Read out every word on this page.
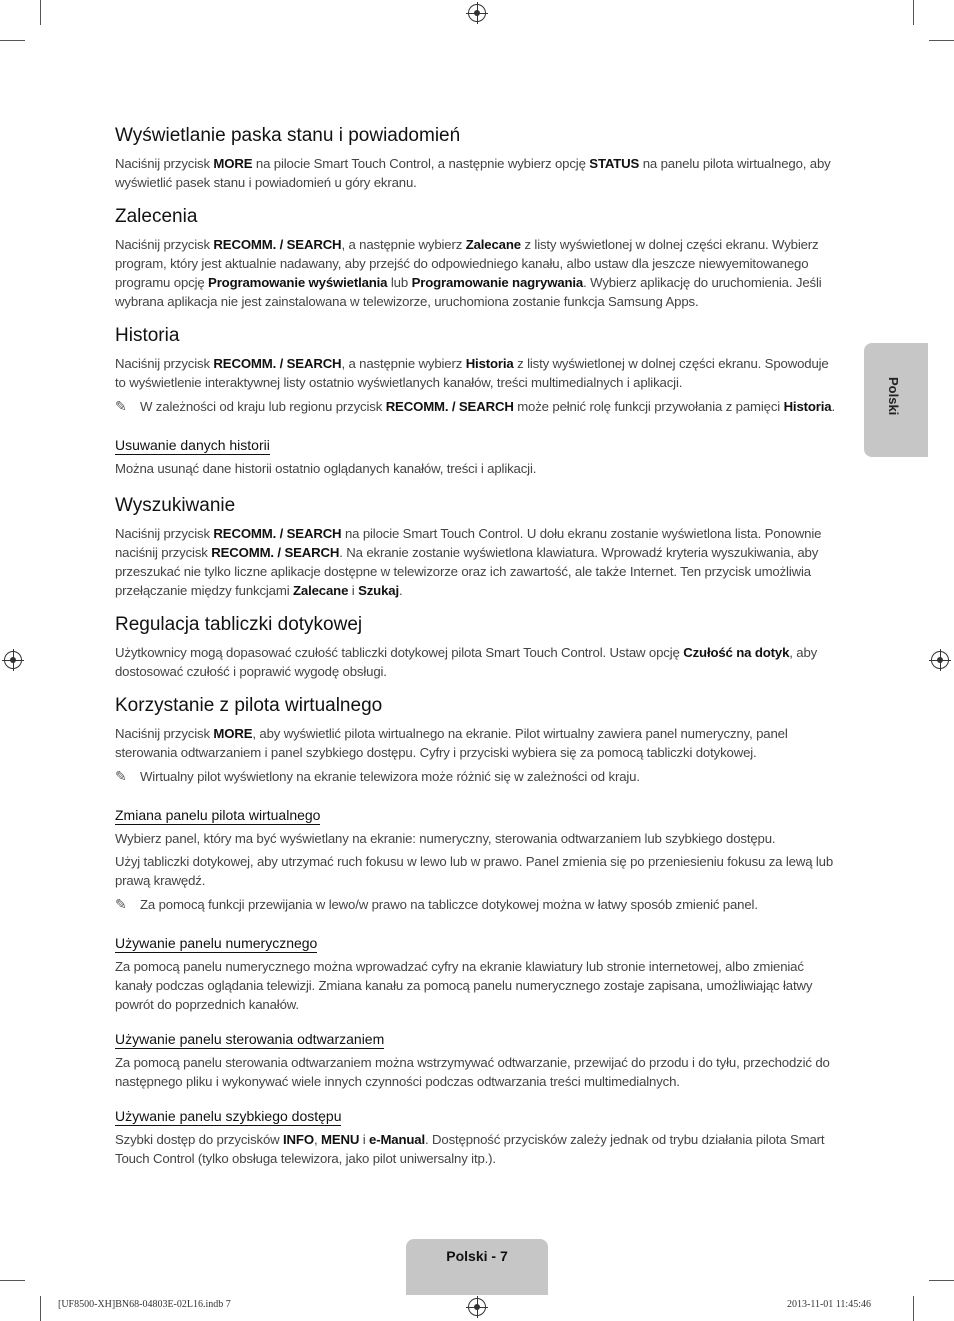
Polski
Wyświetlanie paska stanu i powiadomień

Naciśnij przycisk MORE na pilocie Smart Touch Control, a następnie wybierz opcję STATUS na panelu pilota wirtualnego, aby wyświetlić pasek stanu i powiadomień u góry ekranu.

Zalecenia

Naciśnij przycisk RECOMM. / SEARCH, a następnie wybierz Zalecane z listy wyświetlonej w dolnej części ekranu. Wybierz program, który jest aktualnie nadawany, aby przejść do odpowiedniego kanału, albo ustaw dla jeszcze niewyemitowanego programu opcję Programowanie wyświetlania lub Programowanie nagrywania. Wybierz aplikację do uruchomienia. Jeśli wybrana aplikacja nie jest zainstalowana w telewizorze, uruchomiona zostanie funkcja Samsung Apps.

Historia

Naciśnij przycisk RECOMM. / SEARCH, a następnie wybierz Historia z listy wyświetlonej w dolnej części ekranu. Spowoduje to wyświetlenie interaktywnej listy ostatnio wyświetlanych kanałów, treści multimedialnych i aplikacji.

✎ W zależności od kraju lub regionu przycisk RECOMM. / SEARCH może pełnić rolę funkcji przywołania z pamięci Historia.

Usuwanie danych historii

Można usunąć dane historii ostatnio oglądanych kanałów, treści i aplikacji.

Wyszukiwanie

Naciśnij przycisk RECOMM. / SEARCH na pilocie Smart Touch Control. U dołu ekranu zostanie wyświetlona lista. Ponownie naciśnij przycisk RECOMM. / SEARCH. Na ekranie zostanie wyświetlona klawiatura. Wprowadź kryteria wyszukiwania, aby przeszukać nie tylko liczne aplikacje dostępne w telewizorze oraz ich zawartość, ale także Internet. Ten przycisk umożliwia przełączanie między funkcjami Zalecane i Szukaj.

Regulacja tabliczki dotykowej

Użytkownicy mogą dopasować czułość tabliczki dotykowej pilota Smart Touch Control. Ustaw opcję Czułość na dotyk, aby dostosować czułość i poprawić wygodę obsługi.

Korzystanie z pilota wirtualnego

Naciśnij przycisk MORE, aby wyświetlić pilota wirtualnego na ekranie. Pilot wirtualny zawiera panel numeryczny, panel sterowania odtwarzaniem i panel szybkiego dostępu. Cyfry i przyciski wybiera się za pomocą tabliczki dotykowej.

✎ Wirtualny pilot wyświetlony na ekranie telewizora może różnić się w zależności od kraju.

Zmiana panelu pilota wirtualnego

Wybierz panel, który ma być wyświetlany na ekranie: numeryczny, sterowania odtwarzaniem lub szybkiego dostępu.

Użyj tabliczki dotykowej, aby utrzymać ruch fokusu w lewo lub w prawo. Panel zmienia się po przeniesieniu fokusu za lewą lub prawą krawędź.

✎ Za pomocą funkcji przewijania w lewo/w prawo na tabliczce dotykowej można w łatwy sposób zmienić panel.

Używanie panelu numerycznego

Za pomocą panelu numerycznego można wprowadzać cyfry na ekranie klawiatury lub stronie internetowej, albo zmieniać kanały podczas oglądania telewizji. Zmiana kanału za pomocą panelu numerycznego zostaje zapisana, umożliwiając łatwy powrót do poprzednich kanałów.

Używanie panelu sterowania odtwarzaniem

Za pomocą panelu sterowania odtwarzaniem można wstrzymywać odtwarzanie, przewijać do przodu i do tyłu, przechodzić do następnego pliku i wykonywać wiele innych czynności podczas odtwarzania treści multimedialnych.

Używanie panelu szybkiego dostępu

Szybki dostęp do przycisków INFO, MENU i e-Manual. Dostępność przycisków zależy jednak od trybu działania pilota Smart Touch Control (tylko obsługa telewizora, jako pilot uniwersalny itp.).

Polski - 7
[UF8500-XH]BN68-04803E-02L16.indb 7	2013-11-01 11:45:46
